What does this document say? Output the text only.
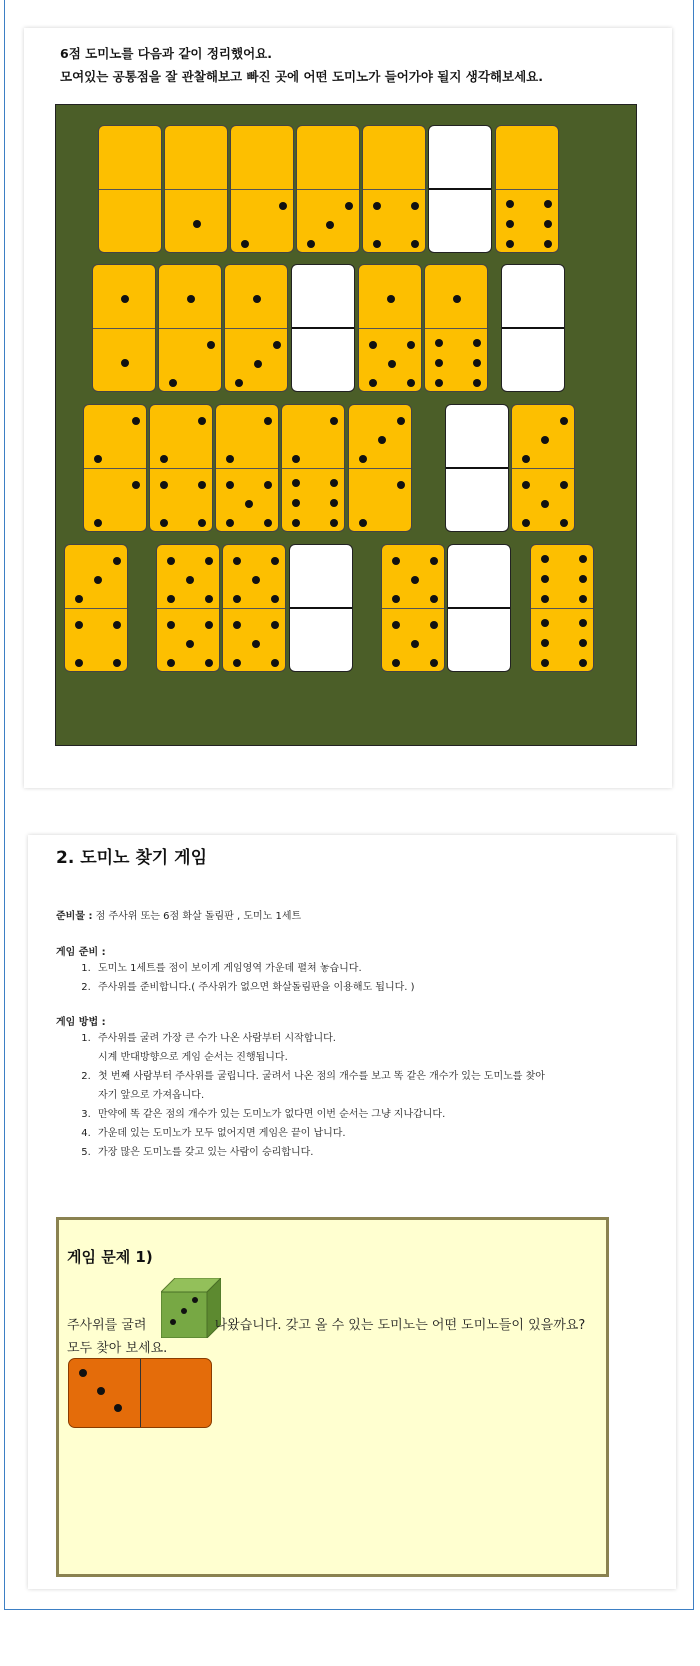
6점 도미노를 다음과 같이 정리했어요.
모여있는 공통점을 잘 관찰해보고 빠진 곳에 어떤 도미노가 들어가야 될지 생각해보세요.
2. 도미노 찾기 게임
준비물 : 점 주사위 또는 6점 화살 돌림판 , 도미노 1세트
게임 준비 :
1. 도미노 1세트를 점이 보이게 게임영역 가운데 펼쳐 놓습니다.
2. 주사위를 준비합니다.( 주사위가 없으면 화살돌림판을 이용해도 됩니다. )
게임 방법 :
1. 주사위를 굴려 가장 큰 수가 나온 사람부터 시작합니다.
시계 반대방향으로 게임 순서는 진행됩니다.
2. 첫 번째 사람부터 주사위를 굴립니다. 굴려서 나온 점의 개수를 보고 똑 같은 개수가 있는 도미노를 찾아
자기 앞으로 가져옵니다.
3. 만약에 똑 같은 점의 개수가 있는 도미노가 없다면 이번 순서는 그냥 지나갑니다.
4. 가운데 있는 도미노가 모두 없어지면 게임은 끝이 납니다.
5. 가장 많은 도미노를 갖고 있는 사람이 승리합니다.
게임 문제 1)
주사위를 굴려	나왔습니다. 갖고 올 수 있는 도미노는 어떤 도미노들이 있을까요? 모두 찾아 보세요.
